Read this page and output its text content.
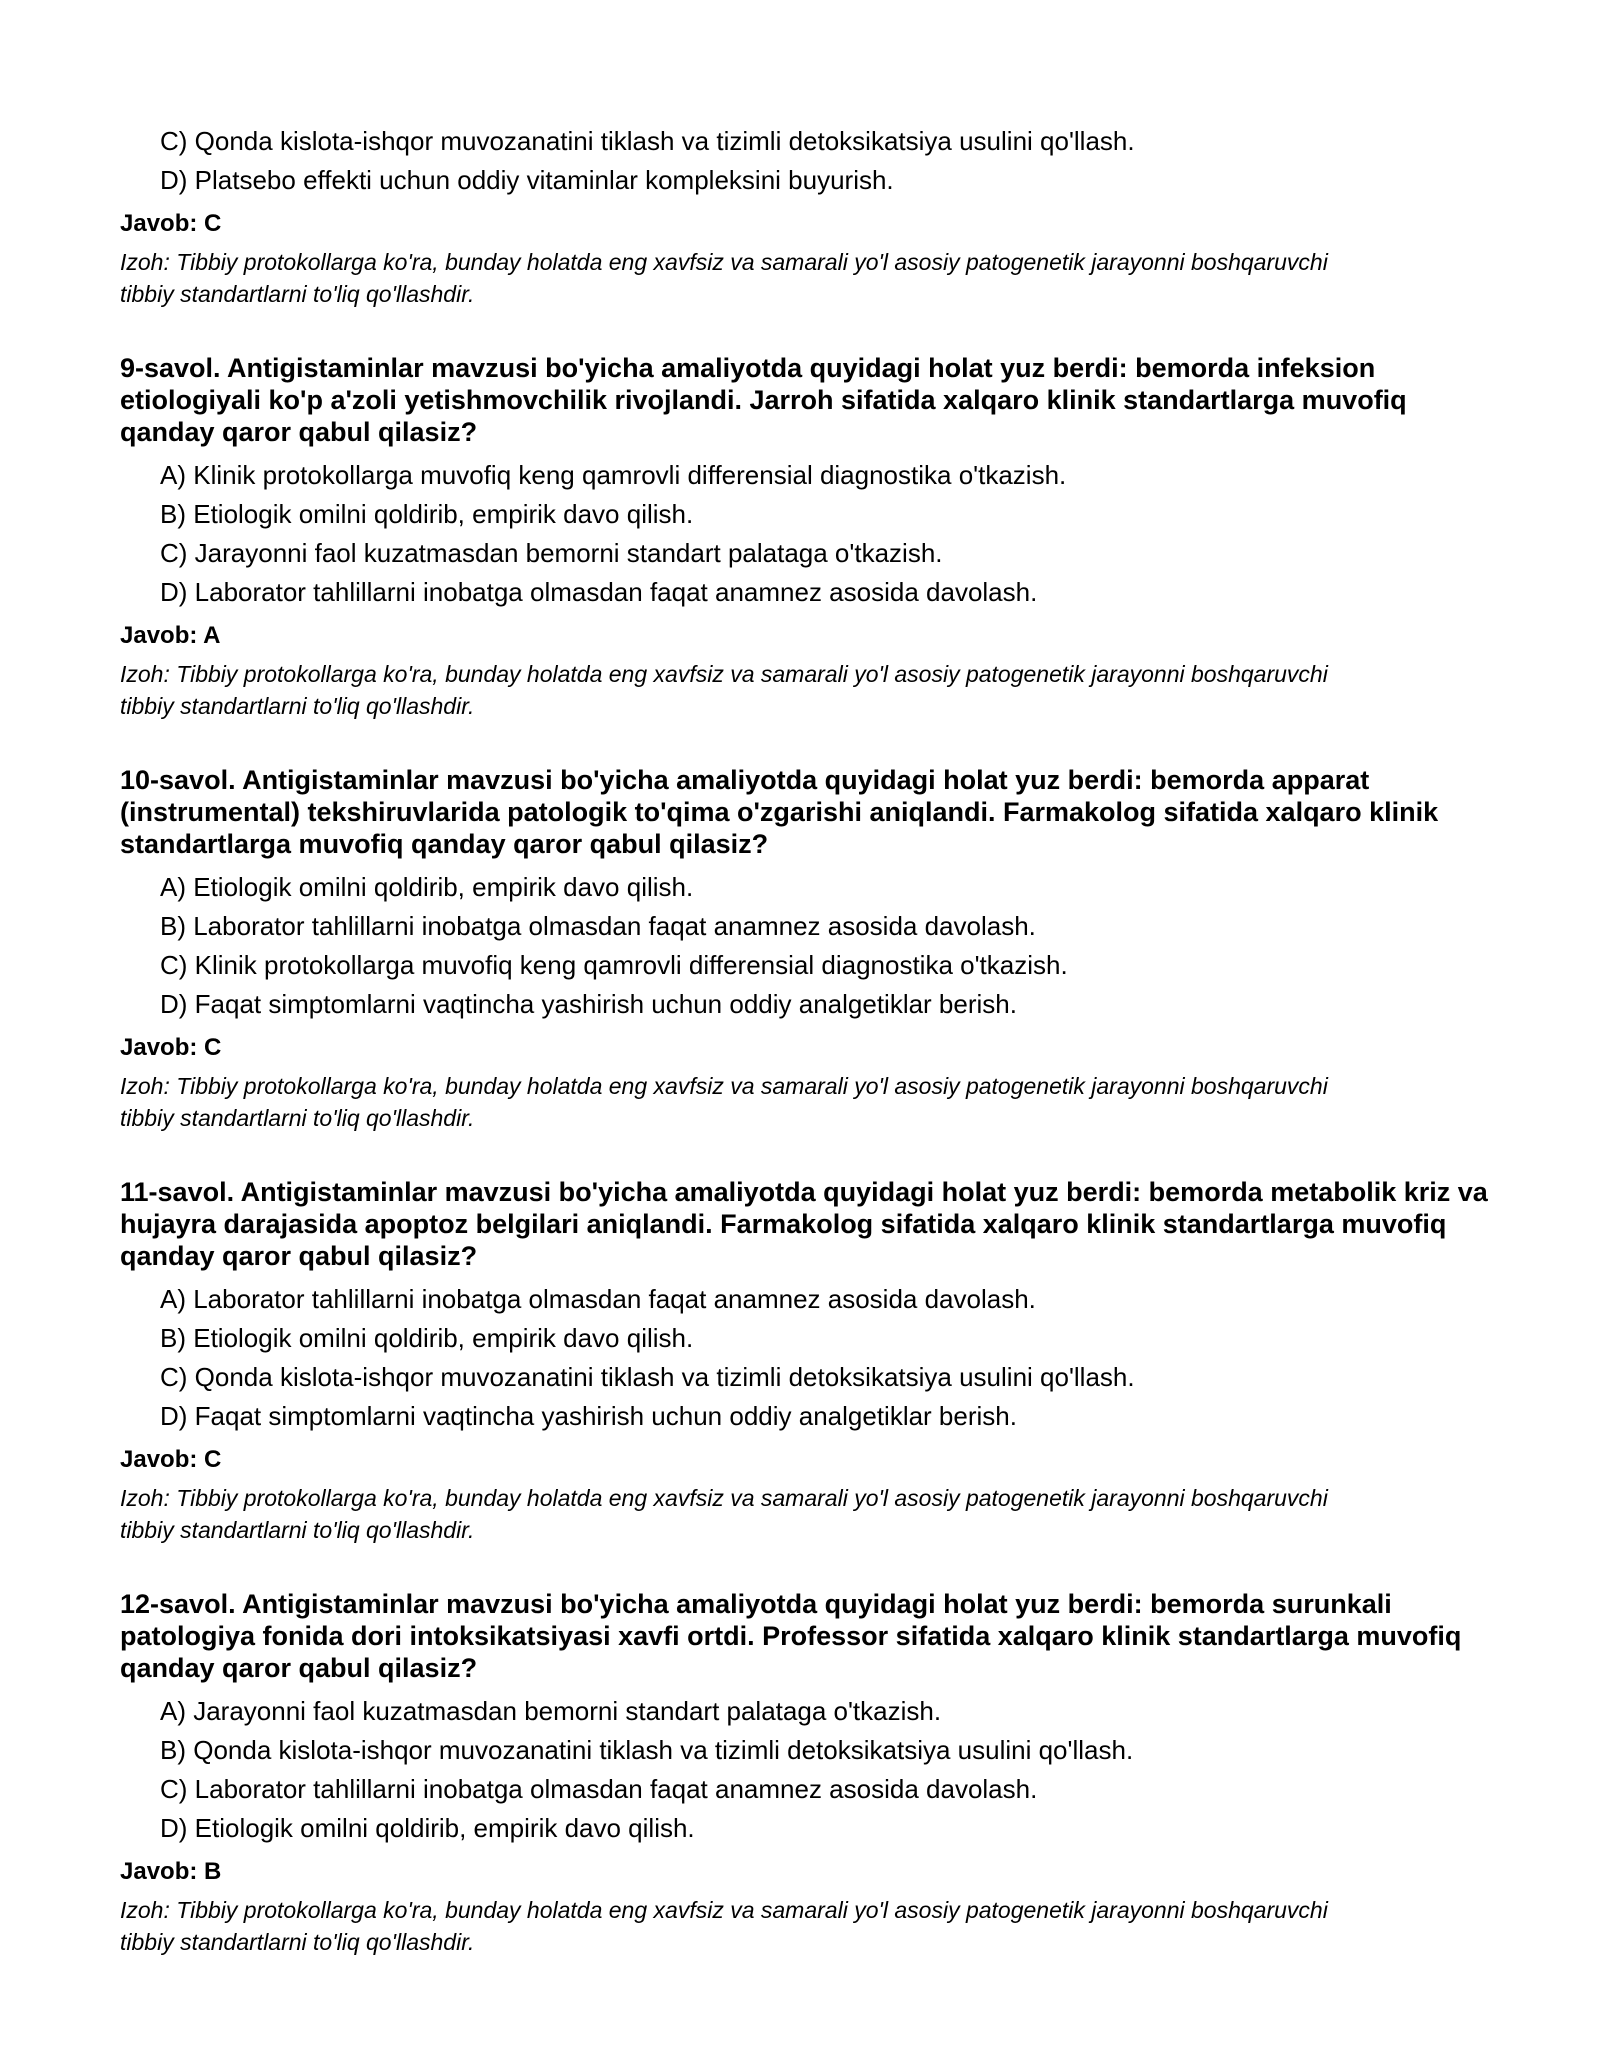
C) Qonda kislota-ishqor muvozanatini tiklash va tizimli detoksikatsiya usulini qo'llash.
D) Platsebo effekti uchun oddiy vitaminlar kompleksini buyurish.
Javob: C
Izoh: Tibbiy protokollarga ko'ra, bunday holatda eng xavfsiz va samarali yo'l asosiy patogenetik jarayonni boshqaruvchi tibbiy standartlarni to'liq qo'llashdir.
9-savol. Antigistaminlar mavzusi bo'yicha amaliyotda quyidagi holat yuz berdi: bemorda infeksion etiologiyali ko'p a'zoli yetishmovchilik rivojlandi. Jarroh sifatida xalqaro klinik standartlarga muvofiq qanday qaror qabul qilasiz?
A) Klinik protokollarga muvofiq keng qamrovli differensial diagnostika o'tkazish.
B) Etiologik omilni qoldirib, empirik davo qilish.
C) Jarayonni faol kuzatmasdan bemorni standart palataga o'tkazish.
D) Laborator tahlillarni inobatga olmasdan faqat anamnez asosida davolash.
Javob: A
Izoh: Tibbiy protokollarga ko'ra, bunday holatda eng xavfsiz va samarali yo'l asosiy patogenetik jarayonni boshqaruvchi tibbiy standartlarni to'liq qo'llashdir.
10-savol. Antigistaminlar mavzusi bo'yicha amaliyotda quyidagi holat yuz berdi: bemorda apparat (instrumental) tekshiruvlarida patologik to'qima o'zgarishi aniqlandi. Farmakolog sifatida xalqaro klinik standartlarga muvofiq qanday qaror qabul qilasiz?
A) Etiologik omilni qoldirib, empirik davo qilish.
B) Laborator tahlillarni inobatga olmasdan faqat anamnez asosida davolash.
C) Klinik protokollarga muvofiq keng qamrovli differensial diagnostika o'tkazish.
D) Faqat simptomlarni vaqtincha yashirish uchun oddiy analgetiklar berish.
Javob: C
Izoh: Tibbiy protokollarga ko'ra, bunday holatda eng xavfsiz va samarali yo'l asosiy patogenetik jarayonni boshqaruvchi tibbiy standartlarni to'liq qo'llashdir.
11-savol. Antigistaminlar mavzusi bo'yicha amaliyotda quyidagi holat yuz berdi: bemorda metabolik kriz va hujayra darajasida apoptoz belgilari aniqlandi. Farmakolog sifatida xalqaro klinik standartlarga muvofiq qanday qaror qabul qilasiz?
A) Laborator tahlillarni inobatga olmasdan faqat anamnez asosida davolash.
B) Etiologik omilni qoldirib, empirik davo qilish.
C) Qonda kislota-ishqor muvozanatini tiklash va tizimli detoksikatsiya usulini qo'llash.
D) Faqat simptomlarni vaqtincha yashirish uchun oddiy analgetiklar berish.
Javob: C
Izoh: Tibbiy protokollarga ko'ra, bunday holatda eng xavfsiz va samarali yo'l asosiy patogenetik jarayonni boshqaruvchi tibbiy standartlarni to'liq qo'llashdir.
12-savol. Antigistaminlar mavzusi bo'yicha amaliyotda quyidagi holat yuz berdi: bemorda surunkali patologiya fonida dori intoksikatsiyasi xavfi ortdi. Professor sifatida xalqaro klinik standartlarga muvofiq qanday qaror qabul qilasiz?
A) Jarayonni faol kuzatmasdan bemorni standart palataga o'tkazish.
B) Qonda kislota-ishqor muvozanatini tiklash va tizimli detoksikatsiya usulini qo'llash.
C) Laborator tahlillarni inobatga olmasdan faqat anamnez asosida davolash.
D) Etiologik omilni qoldirib, empirik davo qilish.
Javob: B
Izoh: Tibbiy protokollarga ko'ra, bunday holatda eng xavfsiz va samarali yo'l asosiy patogenetik jarayonni boshqaruvchi tibbiy standartlarni to'liq qo'llashdir.
